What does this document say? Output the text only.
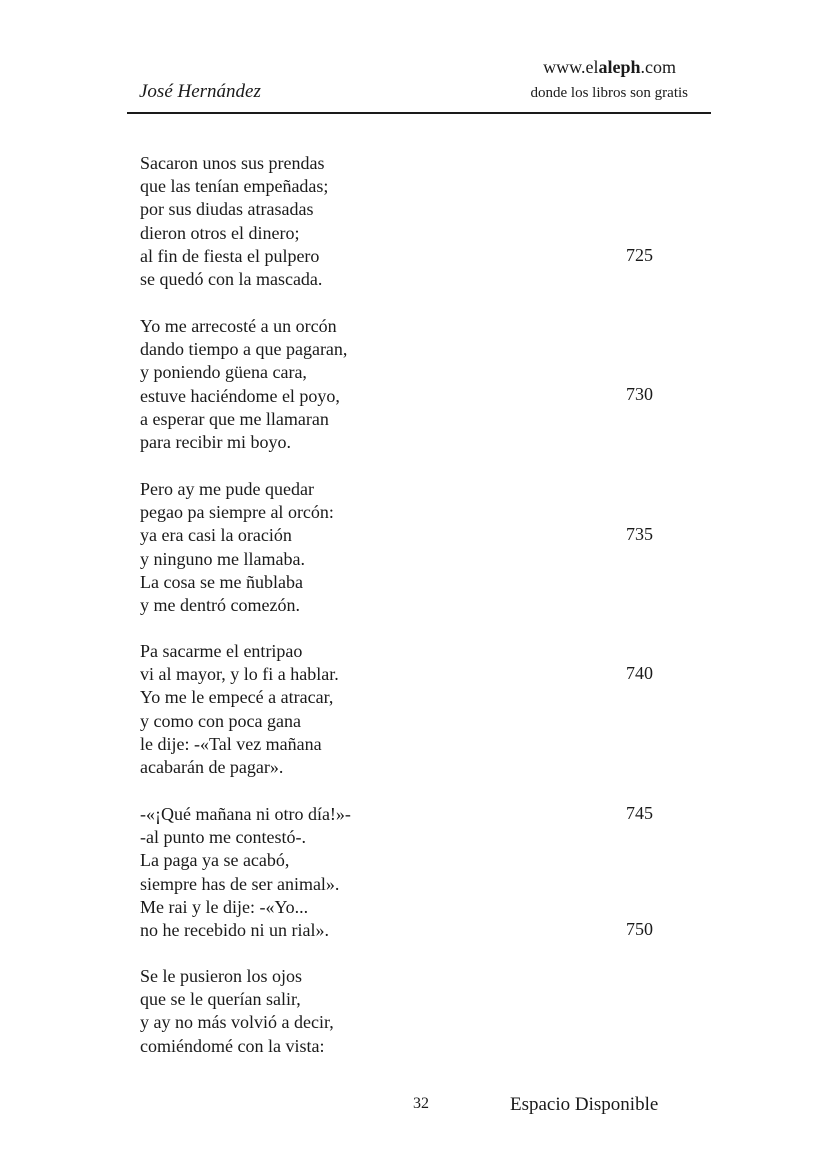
www.elaleph.com
donde los libros son gratis
José Hernández
Sacaron unos sus prendas
que las tenían empeñadas;
por sus diudas atrasadas
dieron otros el dinero;
al fin de fiesta el pulpero
se quedó con la mascada.
Yo me arrecosté a un orcón
dando tiempo a que pagaran,
y poniendo güena cara,
estuve haciéndome el poyo,
a esperar que me llamaran
para recibir mi boyo.
Pero ay me pude quedar
pegao pa siempre al orcón:
ya era casi la oración
y ninguno me llamaba.
La cosa se me ñublaba
y me dentró comezón.
Pa sacarme el entripao
vi al mayor, y lo fi a hablar.
Yo me le empecé a atracar,
y como con poca gana
le dije: -«Tal vez mañana
acabarán de pagar».
-«¡Qué mañana ni otro día!»-
-al punto me contestó-.
La paga ya se acabó,
siempre has de ser animal».
Me rai y le dije: -«Yo...
no he recebido ni un rial».
Se le pusieron los ojos
que se le querían salir,
y ay no más volvió a decir,
comiéndomé con la vista:
725
730
735
740
745
750
32	Espacio Disponible
